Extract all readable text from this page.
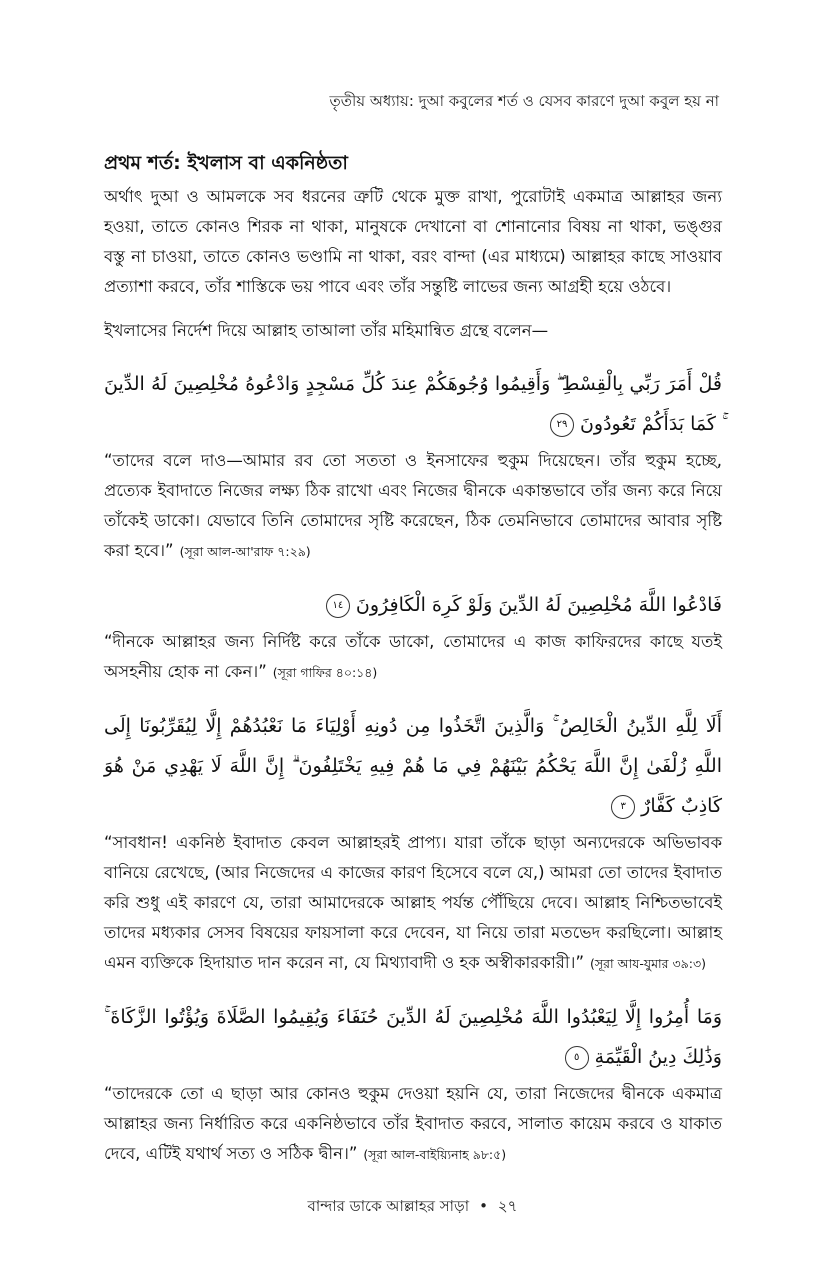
তৃতীয় অধ্যায়: দুআ কবুলের শর্ত ও যেসব কারণে দুআ কবুল হয় না
প্রথম শর্ত: ইখলাস বা একনিষ্ঠতা

অর্থাৎ দুআ ও আমলকে সব ধরনের ত্রুটি থেকে মুক্ত রাখা, পুরোটাই একমাত্র আল্লাহর জন্য হওয়া, তাতে কোনও শিরক না থাকা, মানুষকে দেখানো বা শোনানোর বিষয় না থাকা, ভঙ্গুর বস্তু না চাওয়া, তাতে কোনও ভণ্ডামি না থাকা, বরং বান্দা (এর মাধ্যমে) আল্লাহর কাছে সাওয়াব প্রত্যাশা করবে, তাঁর শাস্তিকে ভয় পাবে এবং তাঁর সন্তুষ্টি লাভের জন্য আগ্রহী হয়ে ওঠবে।

ইখলাসের নির্দেশ দিয়ে আল্লাহ তাআলা তাঁর মহিমান্বিত গ্রন্থে বলেন—

قُلْ أَمَرَ رَبِّي بِالْقِسْطِ ۖ وَأَقِيمُوا وُجُوهَكُمْ عِندَ كُلِّ مَسْجِدٍ وَادْعُوهُ مُخْلِصِينَ لَهُ الدِّينَ ۚ كَمَا بَدَأَكُمْ تَعُودُونَ٢٩

“তাদের বলে দাও—আমার রব তো সততা ও ইনসাফের হুকুম দিয়েছেন। তাঁর হুকুম হচ্ছে, প্রত্যেক ইবাদাতে নিজের লক্ষ্য ঠিক রাখো এবং নিজের দ্বীনকে একান্তভাবে তাঁর জন্য করে নিয়ে তাঁকেই ডাকো। যেভাবে তিনি তোমাদের সৃষ্টি করেছেন, ঠিক তেমনিভাবে তোমাদের আবার সৃষ্টি করা হবে।” (সূরা আল-আ'রাফ ৭:২৯)

فَادْعُوا اللَّهَ مُخْلِصِينَ لَهُ الدِّينَ وَلَوْ كَرِهَ الْكَافِرُونَ١٤

“দীনকে আল্লাহর জন্য নির্দিষ্ট করে তাঁকে ডাকো, তোমাদের এ কাজ কাফিরদের কাছে যতই অসহনীয় হোক না কেন।” (সূরা গাফির ৪০:১৪)

أَلَا لِلَّهِ الدِّينُ الْخَالِصُ ۚ وَالَّذِينَ اتَّخَذُوا مِن دُونِهِ أَوْلِيَاءَ مَا نَعْبُدُهُمْ إِلَّا لِيُقَرِّبُونَا إِلَى اللَّهِ زُلْفَىٰ إِنَّ اللَّهَ يَحْكُمُ بَيْنَهُمْ فِي مَا هُمْ فِيهِ يَخْتَلِفُونَ ۗ إِنَّ اللَّهَ لَا يَهْدِي مَنْ هُوَ كَاذِبٌ كَفَّارٌ٣

“সাবধান! একনিষ্ঠ ইবাদাত কেবল আল্লাহরই প্রাপ্য। যারা তাঁকে ছাড়া অন্যদেরকে অভিভাবক বানিয়ে রেখেছে, (আর নিজেদের এ কাজের কারণ হিসেবে বলে যে,) আমরা তো তাদের ইবাদাত করি শুধু এই কারণে যে, তারা আমাদেরকে আল্লাহ পর্যন্ত পৌঁছিয়ে দেবে। আল্লাহ নিশ্চিতভাবেই তাদের মধ্যকার সেসব বিষয়ের ফায়সালা করে দেবেন, যা নিয়ে তারা মতভেদ করছিলো। আল্লাহ এমন ব্যক্তিকে হিদায়াত দান করেন না, যে মিথ্যাবাদী ও হক অস্বীকারকারী।” (সূরা আয-যুমার ৩৯:৩)

وَمَا أُمِرُوا إِلَّا لِيَعْبُدُوا اللَّهَ مُخْلِصِينَ لَهُ الدِّينَ حُنَفَاءَ وَيُقِيمُوا الصَّلَاةَ وَيُؤْتُوا الزَّكَاةَ ۚ وَذَٰلِكَ دِينُ الْقَيِّمَةِ٥

“তাদেরকে তো এ ছাড়া আর কোনও হুকুম দেওয়া হয়নি যে, তারা নিজেদের দ্বীনকে একমাত্র আল্লাহর জন্য নির্ধারিত করে একনিষ্ঠভাবে তাঁর ইবাদাত করবে, সালাত কায়েম করবে ও যাকাত দেবে, এটিই যথার্থ সত্য ও সঠিক দ্বীন।” (সূরা আল-বাইয়্যিনাহ ৯৮:৫)

বান্দার ডাকে আল্লাহর সাড়া • ২৭
